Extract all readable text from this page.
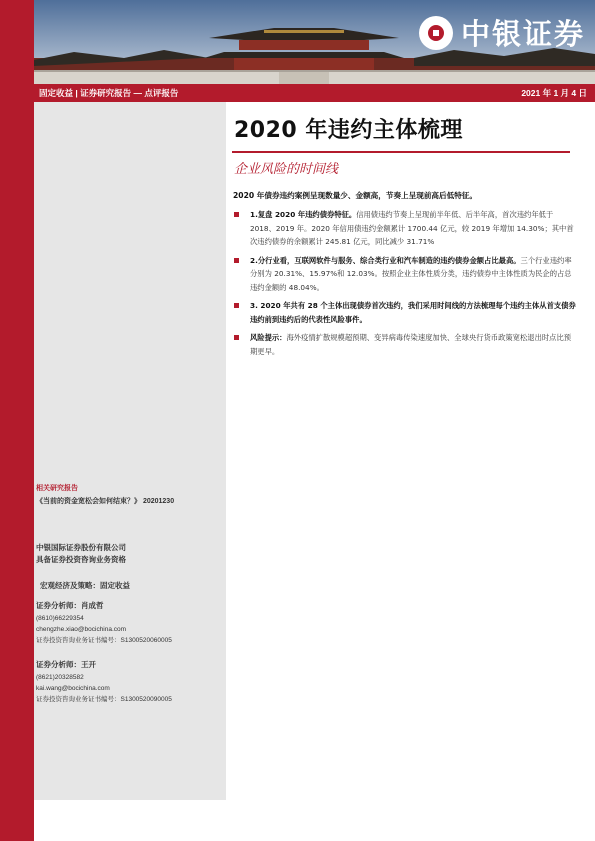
中银证券
固定收益 | 证券研究报告 — 点评报告	2021 年 1 月 4 日
相关研究报告
《当前的资金宽松会如何结束？》 20201230
中银国际证券股份有限公司
具备证券投资咨询业务资格
宏观经济及策略：固定收益
证券分析师：肖成哲
(8610)66229354
chengzhe.xiao@bocichina.com
证券投资咨询业务证书编号：S1300520060005
证券分析师：王开
(8621)20328582
kai.wang@bocichina.com
证券投资咨询业务证书编号：S1300520090005
2020 年违约主体梳理
企业风险的时间线
2020 年债券违约案例呈现数量少、金额高，节奏上呈现前高后低特征。
1.复盘 2020 年违约债券特征。信用债违约节奏上呈现前半年低、后半年高，首次违约年低于 2018、2019 年。2020 年信用债违约金额累计 1700.44 亿元，较 2019 年增加 14.30%；其中首次违约债券的余额累计 245.81 亿元，同比减少 31.71%
2.分行业看，互联网软件与服务、综合类行业和汽车制造的违约债券金额占比最高。三个行业违约率分别为 20.31%、15.97%和 12.03%。按照企业主体性质分类，违约债券中主体性质为民企的占总违约金额的 48.04%。
3. 2020 年共有 28 个主体出现债券首次违约，我们采用时间线的方法梳理每个违约主体从首支债券违约前到违约后的代表性风险事件。
风险提示：海外疫情扩散规模超预期、变异病毒传染速度加快、全球央行货币政策宽松退出时点比预期更早。
